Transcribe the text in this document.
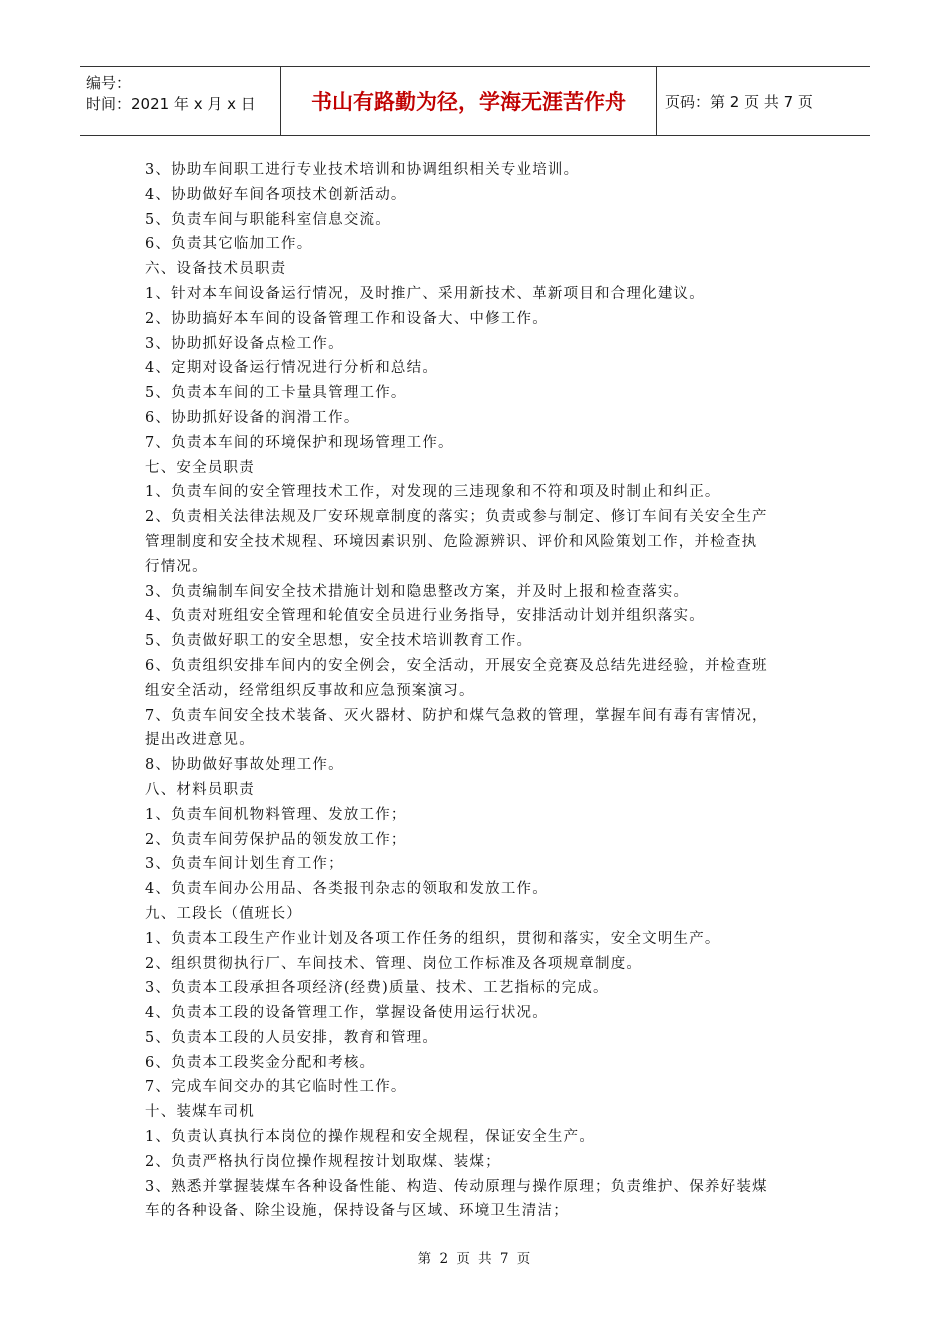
编号：
时间：2021 年 x 月 x 日	书山有路勤为径，学海无涯苦作舟	页码：第 2 页 共 7 页

3、协助车间职工进行专业技术培训和协调组织相关专业培训。

4、协助做好车间各项技术创新活动。

5、负责车间与职能科室信息交流。

6、负责其它临加工作。

六、设备技术员职责

1、针对本车间设备运行情况，及时推广、采用新技术、革新项目和合理化建议。

2、协助搞好本车间的设备管理工作和设备大、中修工作。

3、协助抓好设备点检工作。

4、定期对设备运行情况进行分析和总结。

5、负责本车间的工卡量具管理工作。

6、协助抓好设备的润滑工作。

7、负责本车间的环境保护和现场管理工作。

七、安全员职责

1、负责车间的安全管理技术工作，对发现的三违现象和不符和项及时制止和纠正。

2、负责相关法律法规及厂安环规章制度的落实；负责或参与制定、修订车间有关安全生产

管理制度和安全技术规程、环境因素识别、危险源辨识、评价和风险策划工作，并检查执

行情况。

3、负责编制车间安全技术措施计划和隐患整改方案，并及时上报和检查落实。

4、负责对班组安全管理和轮值安全员进行业务指导，安排活动计划并组织落实。

5、负责做好职工的安全思想，安全技术培训教育工作。

6、负责组织安排车间内的安全例会，安全活动，开展安全竞赛及总结先进经验，并检查班

组安全活动，经常组织反事故和应急预案演习。

7、负责车间安全技术装备、灭火器材、防护和煤气急救的管理，掌握车间有毒有害情况，

提出改进意见。

8、协助做好事故处理工作。

八、材料员职责

1、负责车间机物料管理、发放工作；

2、负责车间劳保护品的领发放工作；

3、负责车间计划生育工作；

4、负责车间办公用品、各类报刊杂志的领取和发放工作。

九、工段长（值班长）

1、负责本工段生产作业计划及各项工作任务的组织，贯彻和落实，安全文明生产。

2、组织贯彻执行厂、车间技术、管理、岗位工作标准及各项规章制度。

3、负责本工段承担各项经济(经费)质量、技术、工艺指标的完成。

4、负责本工段的设备管理工作，掌握设备使用运行状况。

5、负责本工段的人员安排，教育和管理。

6、负责本工段奖金分配和考核。

7、完成车间交办的其它临时性工作。

十、装煤车司机

1、负责认真执行本岗位的操作规程和安全规程，保证安全生产。

2、负责严格执行岗位操作规程按计划取煤、装煤；

3、熟悉并掌握装煤车各种设备性能、构造、传动原理与操作原理；负责维护、保养好装煤

车的各种设备、除尘设施，保持设备与区域、环境卫生清洁；

第 2 页 共 7 页
